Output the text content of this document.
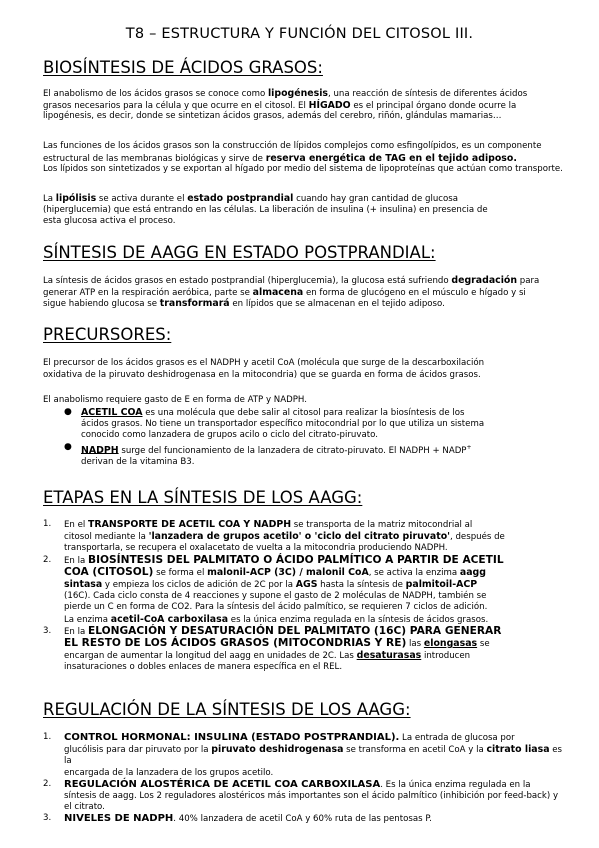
T8 – ESTRUCTURA Y FUNCIÓN DEL CITOSOL III.
BIOSÍNTESIS DE ÁCIDOS GRASOS:
El anabolismo de los ácidos grasos se conoce como lipogénesis, una reacción de síntesis de diferentes ácidos
grasos necesarios para la célula y que ocurre en el citosol. El HÍGADO es el principal órgano donde ocurre la
lipogénesis, es decir, donde se sintetizan ácidos grasos, además del cerebro, riñón, glándulas mamarias…
Las funciones de los ácidos grasos son la construcción de lípidos complejos como esfingolípidos, es un componente
estructural de las membranas biológicas y sirve de reserva energética de TAG en el tejido adiposo.
Los lípidos son sintetizados y se exportan al hígado por medio del sistema de lipoproteínas que actúan como transporte.
La lipólisis se activa durante el estado postprandial cuando hay gran cantidad de glucosa
(hiperglucemia) que está entrando en las células. La liberación de insulina (+ insulina) en presencia de
esta glucosa activa el proceso.
SÍNTESIS DE AAGG EN ESTADO POSTPRANDIAL:
La síntesis de ácidos grasos en estado postprandial (hiperglucemia), la glucosa está sufriendo degradación para
generar ATP en la respiración aeróbica, parte se almacena en forma de glucógeno en el músculo e hígado y si
sigue habiendo glucosa se transformará en lípidos que se almacenan en el tejido adiposo.
PRECURSORES:
El precursor de los ácidos grasos es el NADPH y acetil CoA (molécula que surge de la descarboxilación
oxidativa de la piruvato deshidrogenasa en la mitocondria) que se guarda en forma de ácidos grasos.
El anabolismo requiere gasto de E en forma de ATP y NADPH.
● ACETIL COA es una molécula que debe salir al citosol para realizar la biosíntesis de los
ácidos grasos. No tiene un transportador específico mitocondrial por lo que utiliza un sistema
conocido como lanzadera de grupos acilo o ciclo del citrato-piruvato.
● NADPH surge del funcionamiento de la lanzadera de citrato-piruvato. El NADPH + NADP+
derivan de la vitamina B3.
ETAPAS EN LA SÍNTESIS DE LOS AAGG:
1. En el TRANSPORTE DE ACETIL COA Y NADPH se transporta de la matriz mitocondrial al
citosol mediante la 'lanzadera de grupos acetilo' o 'ciclo del citrato piruvato', después de
transportarla, se recupera el oxalacetato de vuelta a la mitocondria produciendo NADPH.
2. En la BIOSÍNTESIS DEL PALMITATO O ÁCIDO PALMÍTICO A PARTIR DE ACETIL
COA (CITOSOL) se forma el malonil-ACP (3C) / malonil CoA, se activa la enzima aagg
sintasa y empieza los ciclos de adición de 2C por la AGS hasta la síntesis de palmitoil-ACP
(16C). Cada ciclo consta de 4 reacciones y supone el gasto de 2 moléculas de NADPH, también se
pierde un C en forma de CO2. Para la síntesis del ácido palmítico, se requieren 7 ciclos de adición.
La enzima acetil-CoA carboxilasa es la única enzima regulada en la síntesis de ácidos grasos.
3. En la ELONGACIÓN Y DESATURACIÓN DEL PALMITATO (16C) PARA GENERAR
EL RESTO DE LOS ÁCIDOS GRASOS (MITOCONDRIAS Y RE) las elongasas se
encargan de aumentar la longitud del aagg en unidades de 2C. Las desaturasas introducen
insaturaciones o dobles enlaces de manera específica en el REL.
REGULACIÓN DE LA SÍNTESIS DE LOS AAGG:
1. CONTROL HORMONAL: INSULINA (ESTADO POSTPRANDIAL). La entrada de glucosa por
glucólisis para dar piruvato por la piruvato deshidrogenasa se transforma en acetil CoA y la citrato liasa es la
encargada de la lanzadera de los grupos acetilo.
2. REGULACIÓN ALOSTÉRICA DE ACETIL COA CARBOXILASA. Es la única enzima regulada en la
síntesis de aagg. Los 2 reguladores alostéricos más importantes son el ácido palmítico (inhibición por feed-back) y
el citrato.
3. NIVELES DE NADPH. 40% lanzadera de acetil CoA y 60% ruta de las pentosas P.
